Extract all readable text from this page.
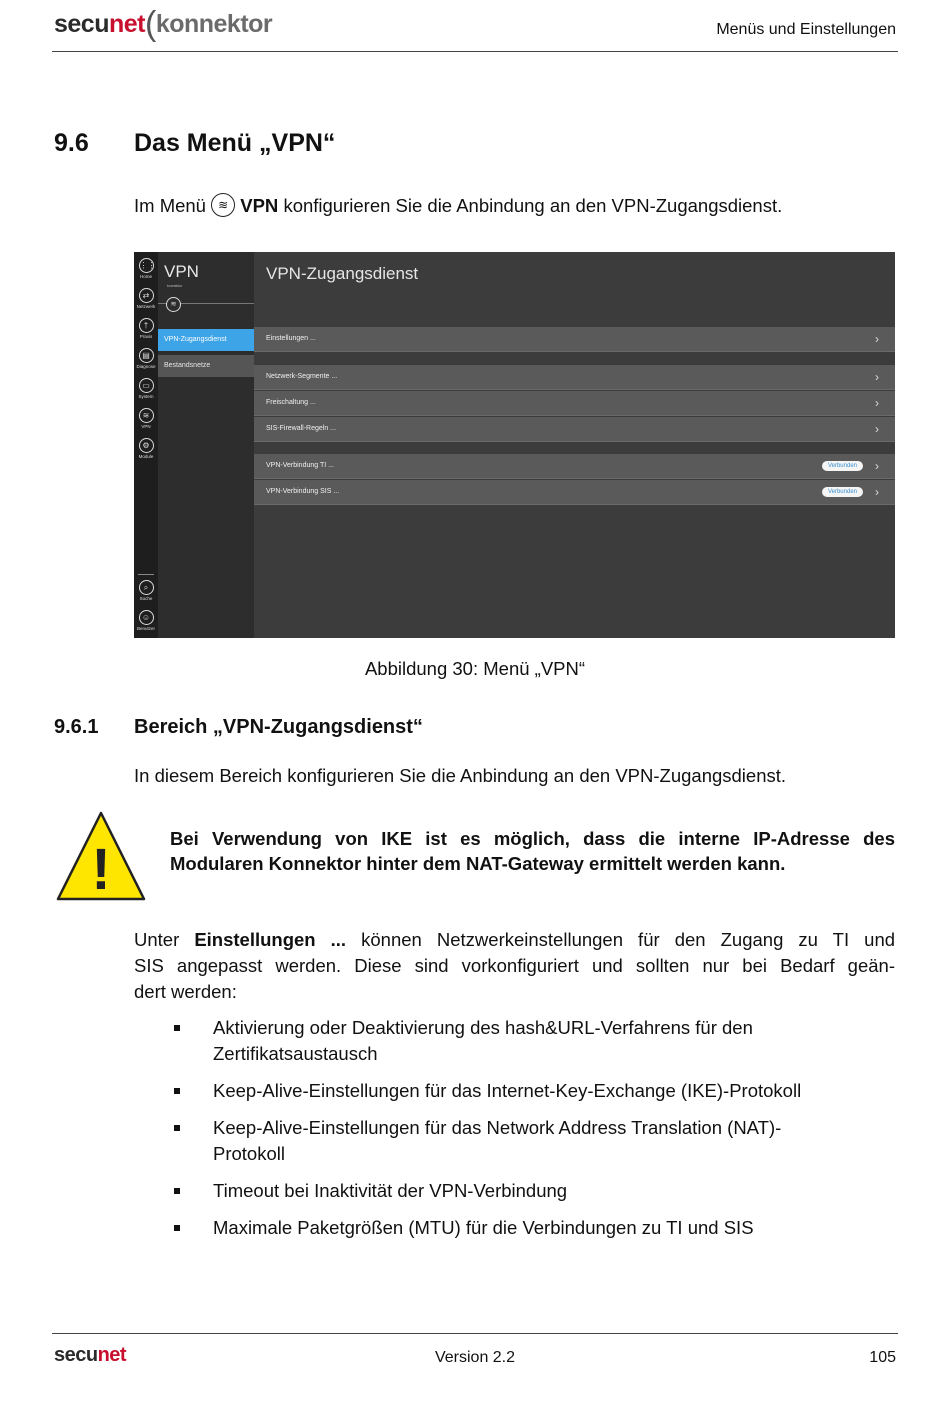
secunet(konnektor	Menüs und Einstellungen
9.6 Das Menü „VPN“
Im Menü ≋ VPN konfigurieren Sie die Anbindung an den VPN-Zugangsdienst.
⋮⋮
Home
⇄
Netzwerk
†
Praxis
▤
Diagnose
▭
System
≋
VPN
⚙
Module
⌕
Suche
☺
Benutzer
VPN
konnektor
≋
VPN-Zugangsdienst
Bestandsnetze
VPN-Zugangsdienst
Einstellungen ...	›
Netzwerk-Segmente ...	›
Freischaltung ...	›
SIS-Firewall-Regeln ...	›
VPN-Verbindung TI ...	Verbunden	›
VPN-Verbindung SIS ...	Verbunden	›
Abbildung 30: Menü „VPN“
9.6.1 Bereich „VPN-Zugangsdienst“
In diesem Bereich konfigurieren Sie die Anbindung an den VPN-Zugangsdienst.
!	Bei Verwendung von IKE ist es möglich, dass die interne IP-Adresse des
Modularen Konnektor hinter dem NAT-Gateway ermittelt werden kann.
Unter Einstellungen ... können Netzwerkeinstellungen für den Zugang zu TI und
SIS angepasst werden. Diese sind vorkonfiguriert und sollten nur bei Bedarf geän-
dert werden:
Aktivierung oder Deaktivierung des hash&URL-Verfahrens für den
Zertifikatsaustausch
Keep-Alive-Einstellungen für das Internet-Key-Exchange (IKE)-Protokoll
Keep-Alive-Einstellungen für das Network Address Translation (NAT)-
Protokoll
Timeout bei Inaktivität der VPN-Verbindung
Maximale Paketgrößen (MTU) für die Verbindungen zu TI und SIS
secunet	Version 2.2	105
